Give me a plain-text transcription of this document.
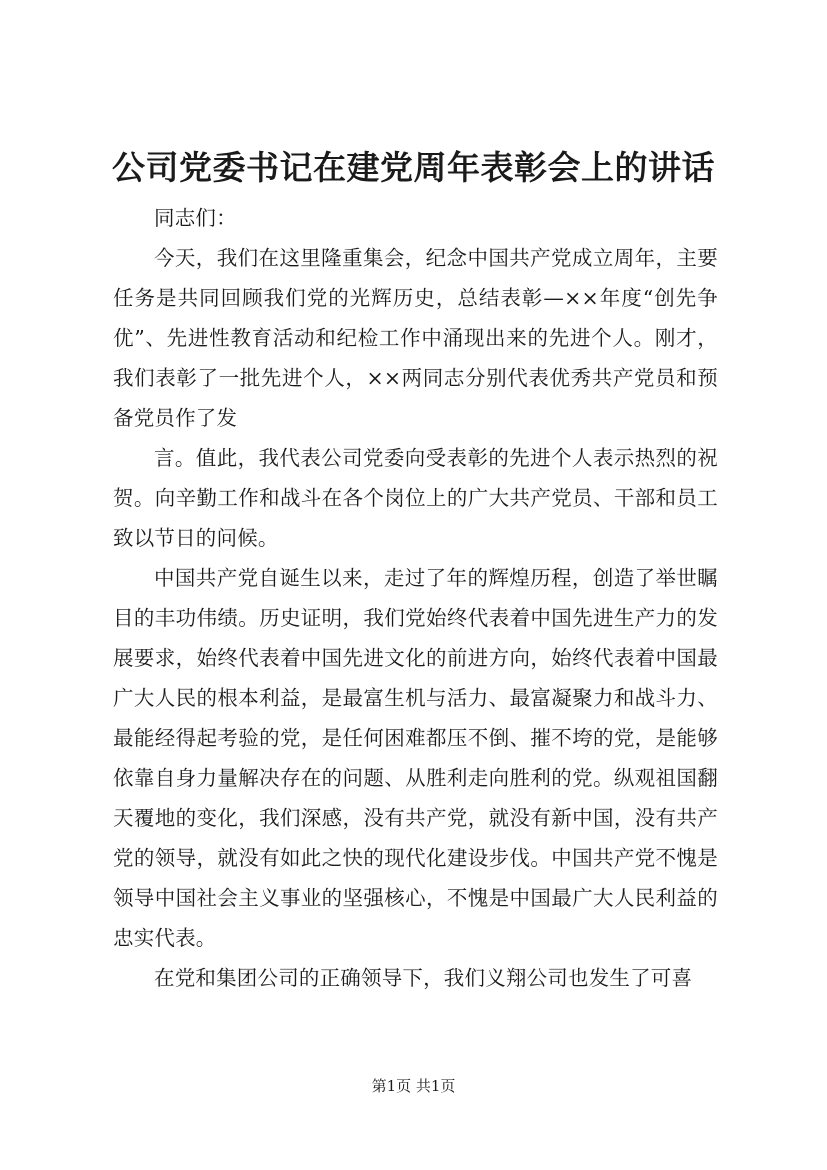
公司党委书记在建党周年表彰会上的讲话

同志们：

今天，我们在这里隆重集会，纪念中国共产党成立周年，主要任务是共同回顾我们党的光辉历史，总结表彰—××年度“创先争优”、先进性教育活动和纪检工作中涌现出来的先进个人。刚才，我们表彰了一批先进个人，××两同志分别代表优秀共产党员和预备党员作了发

言。值此，我代表公司党委向受表彰的先进个人表示热烈的祝贺。向辛勤工作和战斗在各个岗位上的广大共产党员、干部和员工致以节日的问候。

中国共产党自诞生以来，走过了年的辉煌历程，创造了举世瞩目的丰功伟绩。历史证明，我们党始终代表着中国先进生产力的发展要求，始终代表着中国先进文化的前进方向，始终代表着中国最广大人民的根本利益，是最富生机与活力、最富凝聚力和战斗力、最能经得起考验的党，是任何困难都压不倒、摧不垮的党，是能够依靠自身力量解决存在的问题、从胜利走向胜利的党。纵观祖国翻天覆地的变化，我们深感，没有共产党，就没有新中国，没有共产党的领导，就没有如此之快的现代化建设步伐。中国共产党不愧是领导中国社会主义事业的坚强核心，不愧是中国最广大人民利益的忠实代表。

在党和集团公司的正确领导下，我们义翔公司也发生了可喜

第1页 共1页
